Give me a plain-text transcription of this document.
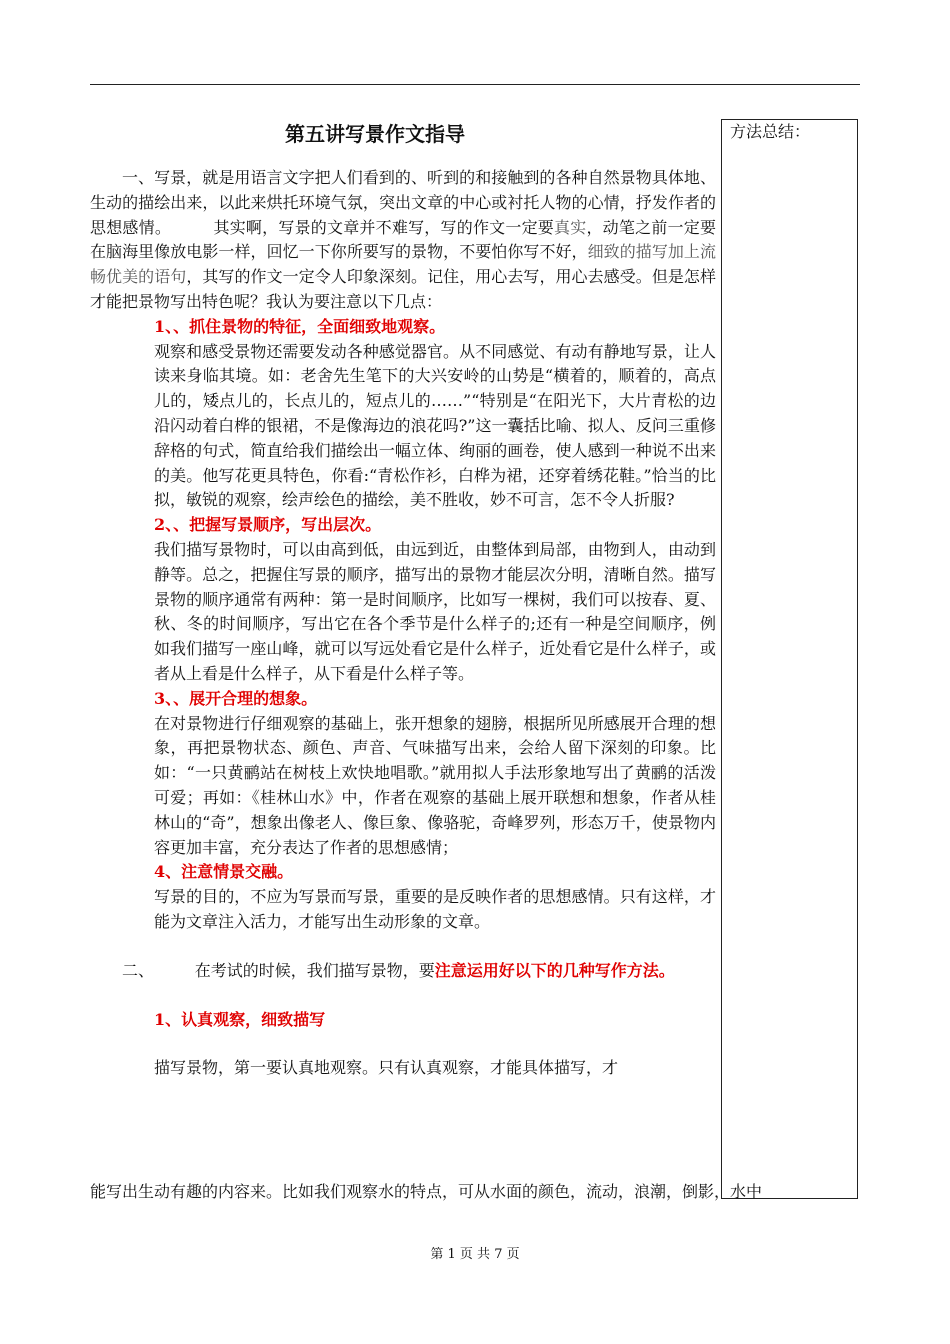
方法总结：
第五讲写景作文指导

一、写景，就是用语言文字把人们看到的、听到的和接触到的各种自然景物具体地、生动的描绘出来，以此来烘托环境气氛，突出文章的中心或衬托人物的心情，抒发作者的思想感情。	其实啊，写景的文章并不难写，写的作文一定要真实，动笔之前一定要在脑海里像放电影一样，回忆一下你所要写的景物，不要怕你写不好，细致的描写加上流畅优美的语句，其写的作文一定令人印象深刻。记住，用心去写，用心去感受。但是怎样才能把景物写出特色呢？我认为要注意以下几点：

1、、抓住景物的特征，全面细致地观察。

观察和感受景物还需要发动各种感觉器官。从不同感觉、有动有静地写景，让人读来身临其境。如：老舍先生笔下的大兴安岭的山势是“横着的，顺着的，高点儿的，矮点儿的，长点儿的，短点儿的……”“特别是“在阳光下，大片青松的边沿闪动着白桦的银裙，不是像海边的浪花吗?”这一囊括比喻、拟人、反问三重修辞格的句式，简直给我们描绘出一幅立体、绚丽的画卷，使人感到一种说不出来的美。他写花更具特色，你看:“青松作衫，白桦为裙，还穿着绣花鞋。”恰当的比拟，敏锐的观察，绘声绘色的描绘，美不胜收，妙不可言，怎不令人折服?

2、、把握写景顺序，写出层次。

我们描写景物时，可以由高到低，由远到近，由整体到局部，由物到人，由动到静等。总之，把握住写景的顺序，描写出的景物才能层次分明，清晰自然。描写景物的顺序通常有两种：第一是时间顺序，比如写一棵树，我们可以按春、夏、秋、冬的时间顺序，写出它在各个季节是什么样子的;还有一种是空间顺序，例如我们描写一座山峰，就可以写远处看它是什么样子，近处看它是什么样子，或者从上看是什么样子，从下看是什么样子等。

3、、展开合理的想象。

在对景物进行仔细观察的基础上，张开想象的翅膀，根据所见所感展开合理的想象，再把景物状态、颜色、声音、气味描写出来，会给人留下深刻的印象。比如：“一只黄鹂站在树枝上欢快地唱歌。”就用拟人手法形象地写出了黄鹂的活泼可爱；再如：《桂林山水》中，作者在观察的基础上展开联想和想象，作者从桂林山的“奇”，想象出像老人、像巨象、像骆驼，奇峰罗列，形态万千，使景物内容更加丰富，充分表达了作者的思想感情；

4、注意情景交融。

写景的目的，不应为写景而写景，重要的是反映作者的思想感情。只有这样，才能为文章注入活力，才能写出生动形象的文章。

二、	在考试的时候，我们描写景物，要注意运用好以下的几种写作方法。

1、认真观察，细致描写

描写景物，第一要认真地观察。只有认真观察，才能具体描写，才

能写出生动有趣的内容来。比如我们观察水的特点，可从水面的颜色，流动，浪潮，倒影，水中

第 1 页 共 7 页
